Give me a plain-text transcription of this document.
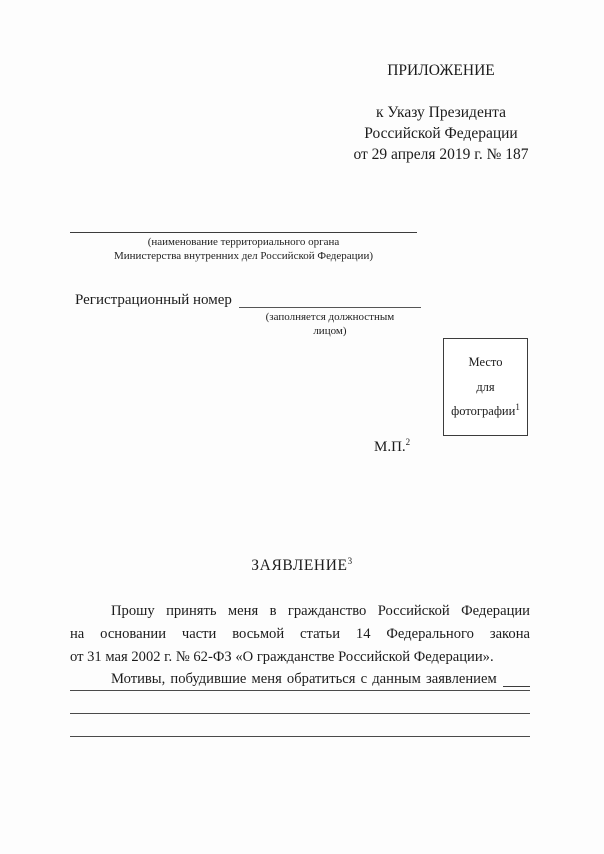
ПРИЛОЖЕНИЕ
к Указу Президента
Российской Федерации
от 29 апреля 2019 г. № 187
(наименование территориального органа
Министерства внутренних дел Российской Федерации)
Регистрационный номер
(заполняется должностным
лицом)
Место
для
фотографии$^1$
М.П.$^2$
ЗАЯВЛЕНИЕ$^3$
Прошу принять меня в гражданство Российской Федерации
на основании части восьмой статьи 14 Федерального закона
от 31 мая 2002 г. № 62-ФЗ «О гражданстве Российской Федерации».
Мотивы, побудившие меня обратиться с данным заявлением
